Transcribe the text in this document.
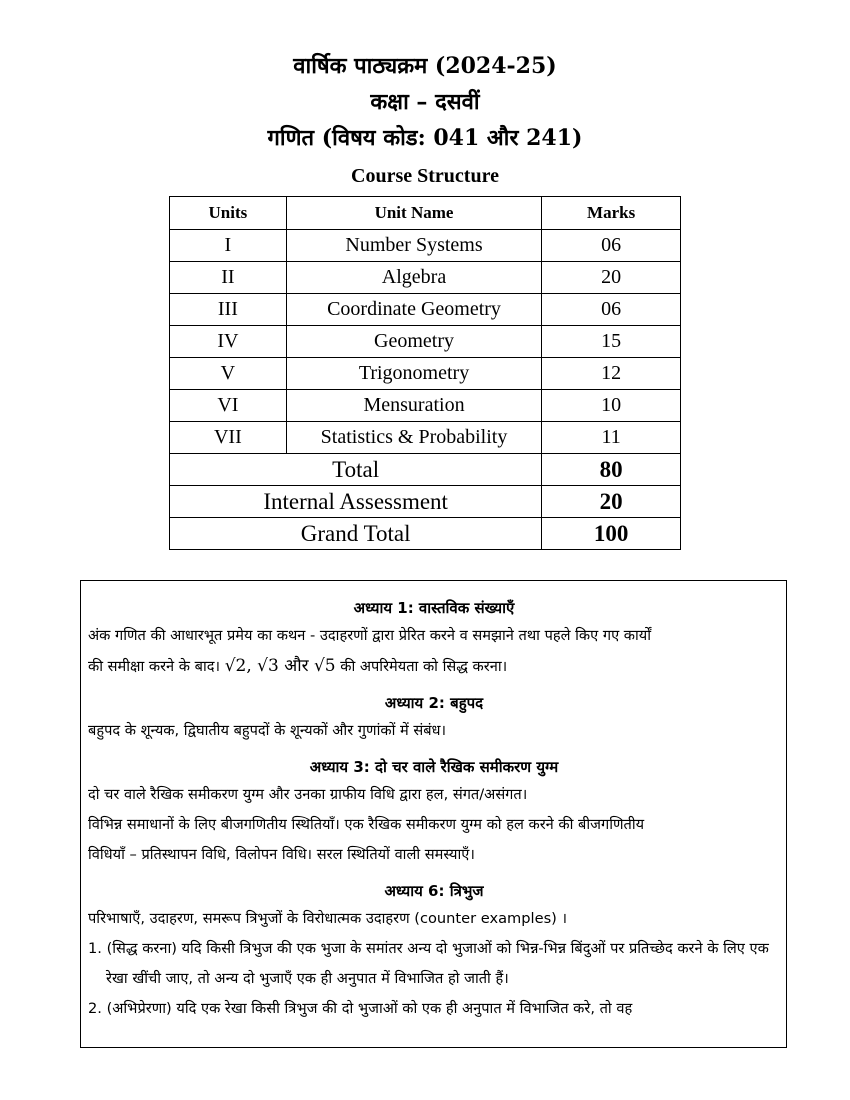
वार्षिक पाठ्यक्रम (2024-25)
कक्षा – दसवीं
गणित (विषय कोड: 041 और 241)
Course Structure
Units	Unit Name	Marks
I	Number Systems	06
II	Algebra	20
III	Coordinate Geometry	06
IV	Geometry	15
V	Trigonometry	12
VI	Mensuration	10
VII	Statistics & Probability	11
Total		80
Internal Assessment		20
Grand Total		100

अध्याय 1: वास्तविक संख्याएँ

अंक गणित की आधारभूत प्रमेय का कथन - उदाहरणों द्वारा प्रेरित करने व समझाने तथा पहले किए गए कार्यों

की समीक्षा करने के बाद। √2, √3 और √5 की अपरिमेयता को सिद्ध करना।

अध्याय 2: बहुपद

बहुपद के शून्यक, द्विघातीय बहुपदों के शून्यकों और गुणांकों में संबंध।

अध्याय 3: दो चर वाले रैखिक समीकरण युग्म

दो चर वाले रैखिक समीकरण युग्म और उनका ग्राफीय विधि द्वारा हल, संगत/असंगत।

विभिन्न समाधानों के लिए बीजगणितीय स्थितियाँ। एक रैखिक समीकरण युग्म को हल करने की बीजगणितीय

विधियाँ – प्रतिस्थापन विधि, विलोपन विधि। सरल स्थितियों वाली समस्याएँ।

अध्याय 6: त्रिभुज

परिभाषाएँ, उदाहरण, समरूप त्रिभुजों के विरोधात्मक उदाहरण (counter examples) ।

1. (सिद्ध करना) यदि किसी त्रिभुज की एक भुजा के समांतर अन्य दो भुजाओं को भिन्न-भिन्न बिंदुओं पर प्रतिच्छेद करने के लिए एक रेखा खींची जाए, तो अन्य दो भुजाएँ एक ही अनुपात में विभाजित हो जाती हैं।

2. (अभिप्रेरणा) यदि एक रेखा किसी त्रिभुज की दो भुजाओं को एक ही अनुपात में विभाजित करे, तो वह
